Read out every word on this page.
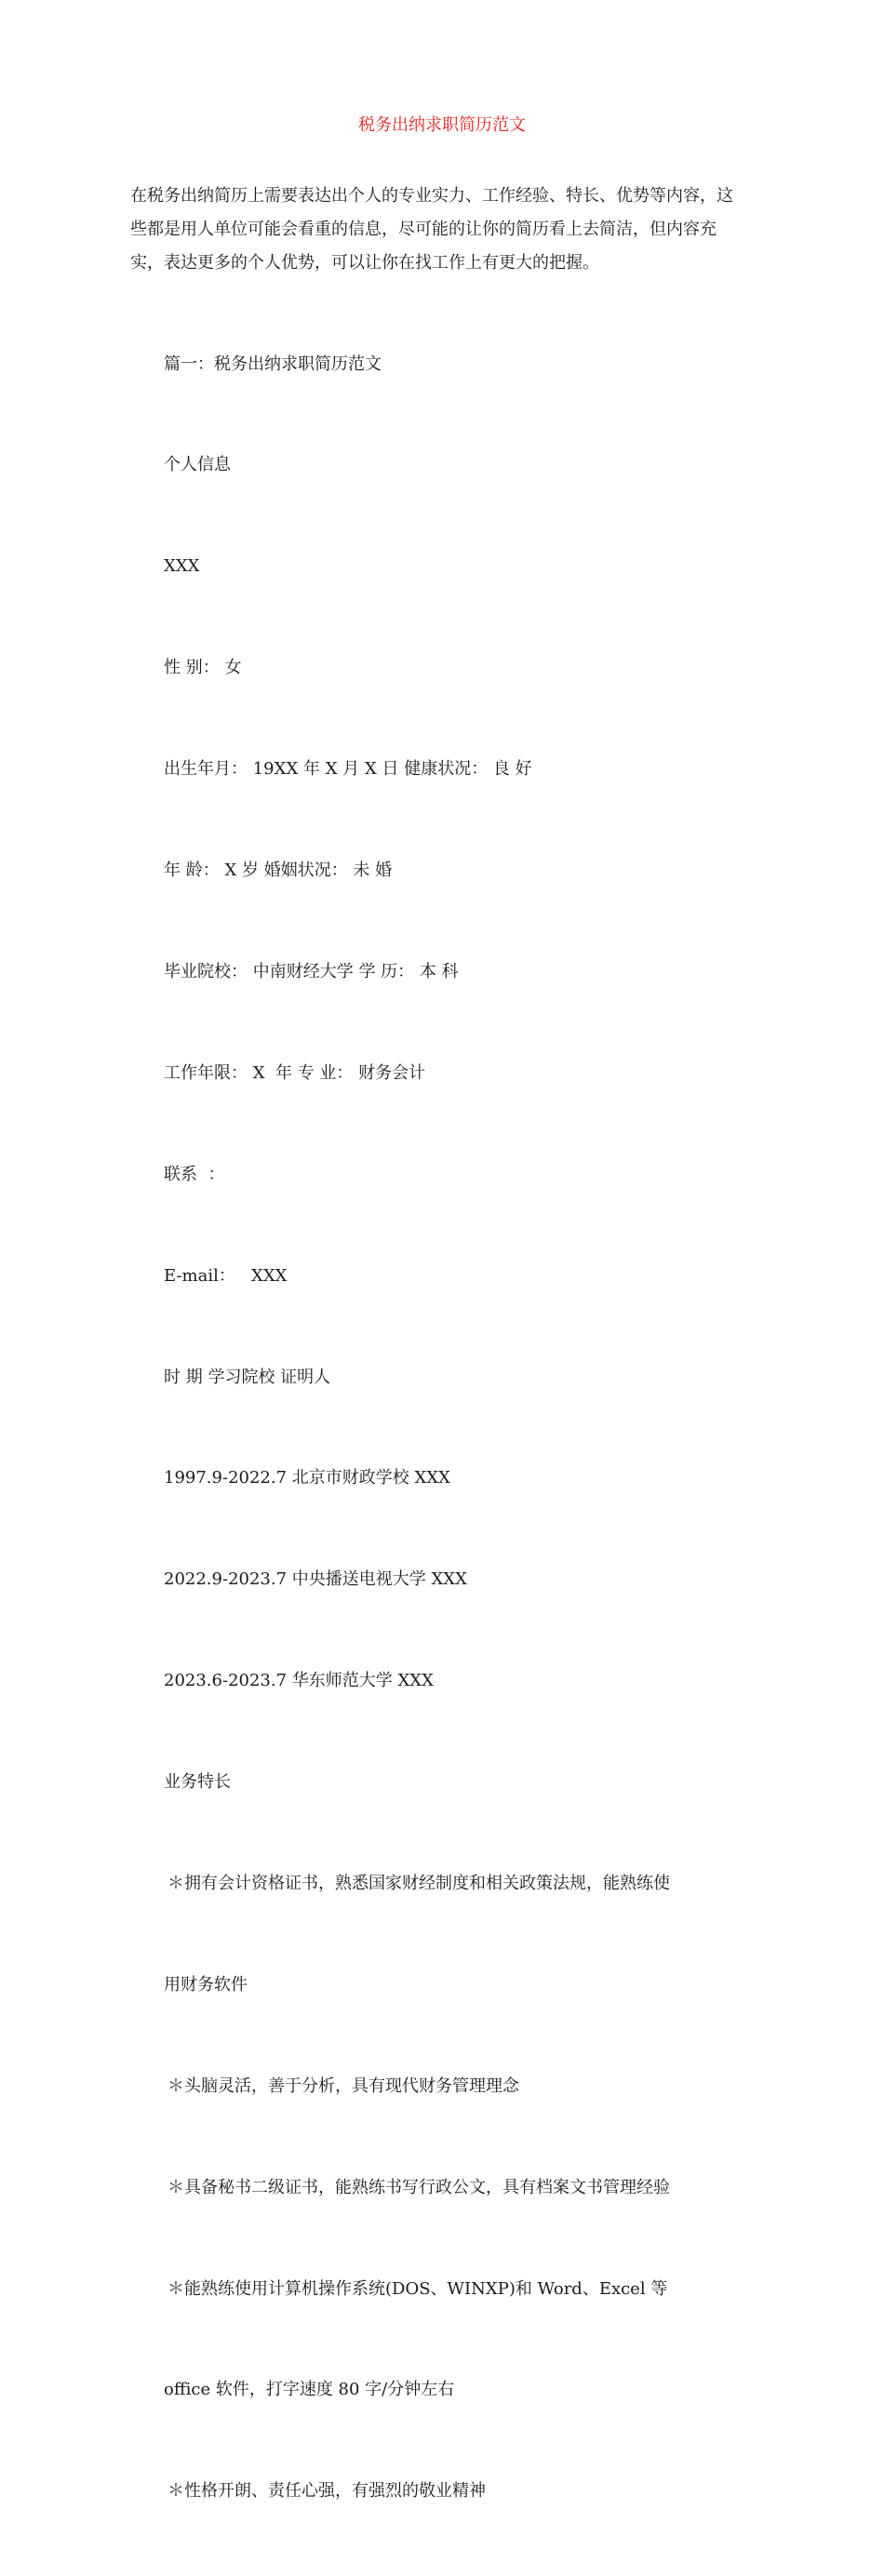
税务出纳求职简历范文
在税务出纳简历上需要表达出个人的专业实力、工作经验、特长、优势等内容，这
些都是用人单位可能会看重的信息，尽可能的让你的简历看上去简洁，但内容充
实，表达更多的个人优势，可以让你在找工作上有更大的把握。

篇一：税务出纳求职简历范文

个人信息

XXX

性 别： 女

出生年月： 19XX 年 X 月 X 日 健康状况： 良 好

年 龄： X 岁 婚姻状况： 未 婚

毕业院校： 中南财经大学 学 历： 本 科

工作年限： X  年 专 业： 财务会计

联系  ：

E-mail：   XXX

时 期 学习院校 证明人

1997.9-2022.7 北京市财政学校 XXX

2022.9-2023.7 中央播送电视大学 XXX

2023.6-2023.7 华东师范大学 XXX

业务特长

＊拥有会计资格证书，熟悉国家财经制度和相关政策法规，能熟练使

用财务软件

＊头脑灵活，善于分析，具有现代财务管理理念

＊具备秘书二级证书，能熟练书写行政公文，具有档案文书管理经验

＊能熟练使用计算机操作系统(DOS、WINXP)和 Word、Excel 等

office 软件，打字速度 80 字/分钟左右

＊性格开朗、责任心强，有强烈的敬业精神
